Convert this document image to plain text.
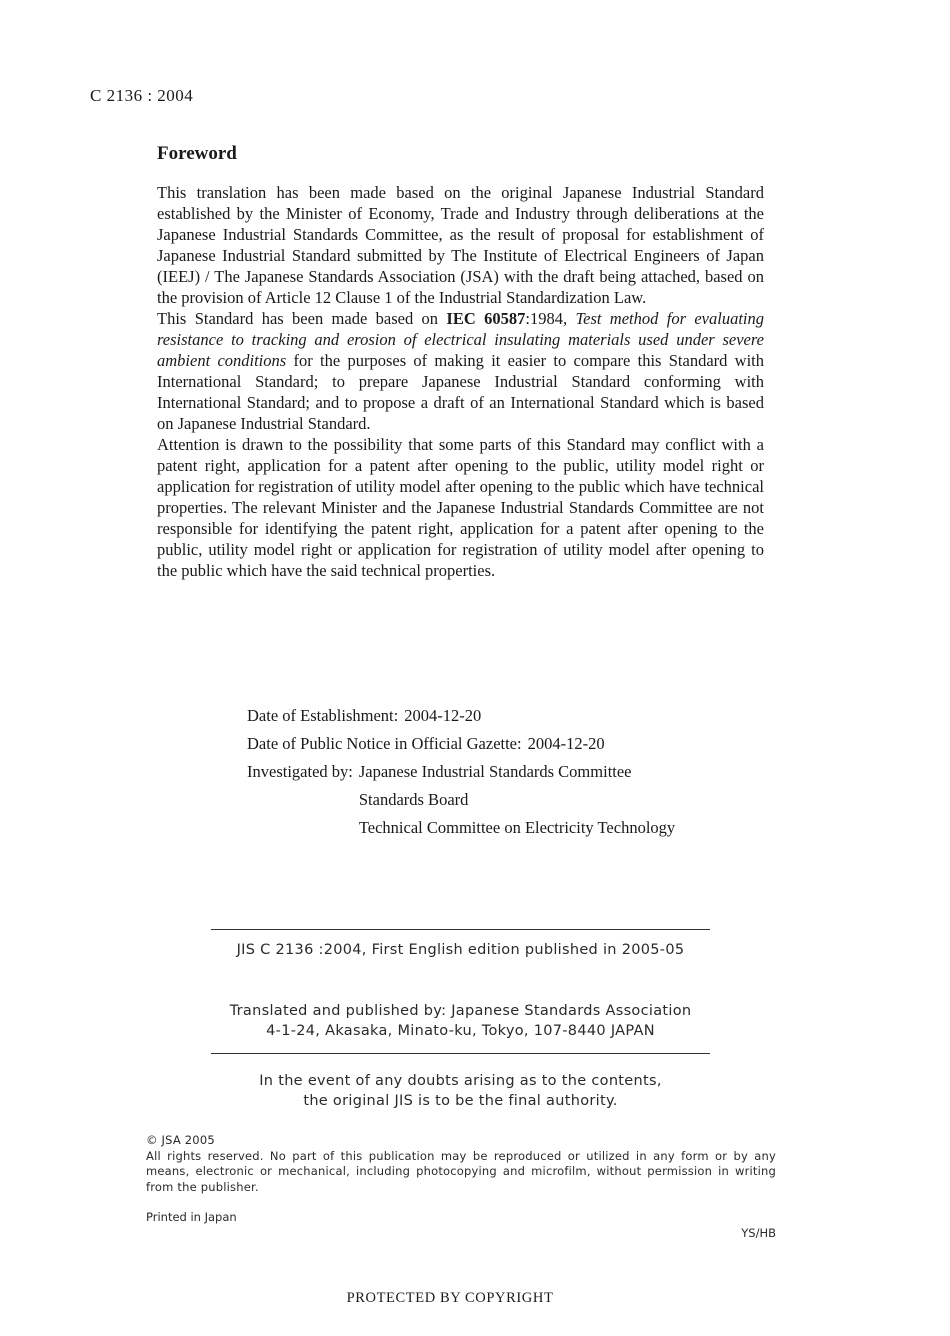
C 2136 : 2004
Foreword

This translation has been made based on the original Japanese Industrial Standard established by the Minister of Economy, Trade and Industry through deliberations at the Japanese Industrial Standards Committee, as the result of proposal for establishment of Japanese Industrial Standard submitted by The Institute of Electrical Engineers of Japan (IEEJ) / The Japanese Standards Association (JSA) with the draft being attached, based on the provision of Article 12 Clause 1 of the Industrial Standardization Law.

This Standard has been made based on IEC 60587:1984, Test method for evaluating resistance to tracking and erosion of electrical insulating materials used under severe ambient conditions for the purposes of making it easier to compare this Standard with International Standard; to prepare Japanese Industrial Standard conforming with International Standard; and to propose a draft of an International Standard which is based on Japanese Industrial Standard.

Attention is drawn to the possibility that some parts of this Standard may conflict with a patent right, application for a patent after opening to the public, utility model right or application for registration of utility model after opening to the public which have technical properties. The relevant Minister and the Japanese Industrial Standards Committee are not responsible for identifying the patent right, application for a patent after opening to the public, utility model right or application for registration of utility model after opening to the public which have the said technical properties.

Date of Establishment: 2004-12-20
Date of Public Notice in Official Gazette: 2004-12-20
Investigated by: Japanese Industrial Standards Committee
Standards Board
Technical Committee on Electricity Technology
JIS C 2136 :2004, First English edition published in 2005-05
Translated and published by: Japanese Standards Association
4-1-24, Akasaka, Minato-ku, Tokyo, 107-8440 JAPAN
In the event of any doubts arising as to the contents,
the original JIS is to be the final authority.
© JSA 2005
All rights reserved. No part of this publication may be reproduced or utilized in any form or by any means, electronic or mechanical, including photocopying and microfilm, without permission in writing from the publisher.
Printed in Japan
YS/HB
PROTECTED BY COPYRIGHT
